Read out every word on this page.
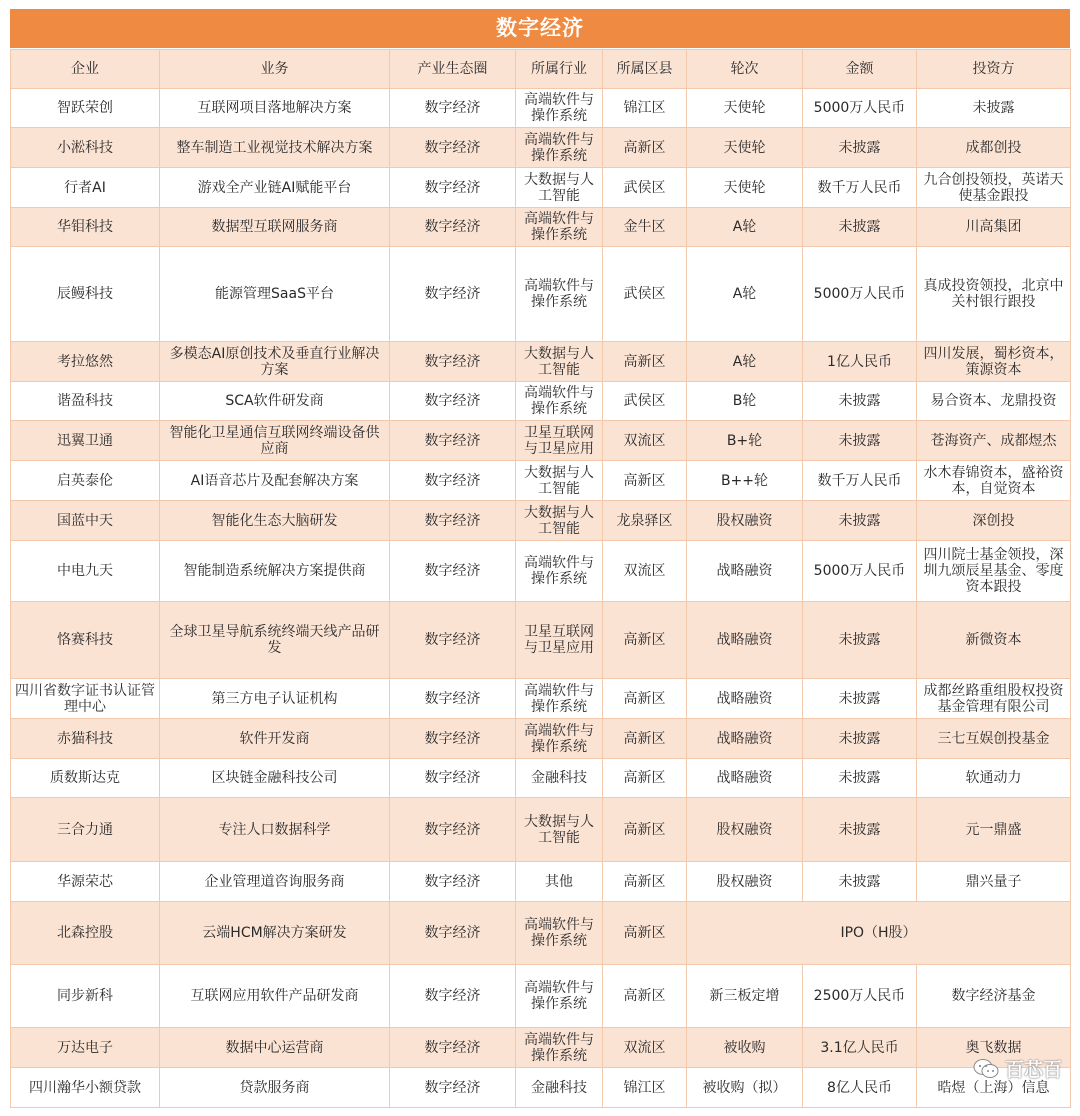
数字经济
企业	业务	产业生态圈	所属行业	所属区县	轮次	金额	投资方
智跃荣创	互联网项目落地解决方案	数字经济	高端软件与操作系统	锦江区	天使轮	5000万人民币	未披露
小淞科技	整车制造工业视觉技术解决方案	数字经济	高端软件与操作系统	高新区	天使轮	未披露	成都创投
行者AI	游戏全产业链AI赋能平台	数字经济	大数据与人工智能	武侯区	天使轮	数千万人民币	九合创投领投，英诺天使基金跟投
华钼科技	数据型互联网服务商	数字经济	高端软件与操作系统	金牛区	A轮	未披露	川高集团
辰鳗科技	能源管理SaaS平台	数字经济	高端软件与操作系统	武侯区	A轮	5000万人民币	真成投资领投，北京中关村银行跟投
考拉悠然	多模态AI原创技术及垂直行业解决方案	数字经济	大数据与人工智能	高新区	A轮	1亿人民币	四川发展，蜀杉资本，策源资本
谐盈科技	SCA软件研发商	数字经济	高端软件与操作系统	武侯区	B轮	未披露	易合资本、龙鼎投资
迅翼卫通	智能化卫星通信互联网终端设备供应商	数字经济	卫星互联网与卫星应用	双流区	B+轮	未披露	苍海资产、成都煜杰
启英泰伦	AI语音芯片及配套解决方案	数字经济	大数据与人工智能	高新区	B++轮	数千万人民币	水木春锦资本，盛裕资本，自觉资本
国蓝中天	智能化生态大脑研发	数字经济	大数据与人工智能	龙泉驿区	股权融资	未披露	深创投
中电九天	智能制造系统解决方案提供商	数字经济	高端软件与操作系统	双流区	战略融资	5000万人民币	四川院士基金领投，深圳九颂辰星基金、零度资本跟投
恪赛科技	全球卫星导航系统终端天线产品研发	数字经济	卫星互联网与卫星应用	高新区	战略融资	未披露	新微资本
四川省数字证书认证管理中心	第三方电子认证机构	数字经济	高端软件与操作系统	高新区	战略融资	未披露	成都丝路重组股权投资基金管理有限公司
赤猫科技	软件开发商	数字经济	高端软件与操作系统	高新区	战略融资	未披露	三七互娱创投基金
质数斯达克	区块链金融科技公司	数字经济	金融科技	高新区	战略融资	未披露	软通动力
三合力通	专注人口数据科学	数字经济	大数据与人工智能	高新区	股权融资	未披露	元一鼎盛
华源荣芯	企业管理道咨询服务商	数字经济	其他	高新区	股权融资	未披露	鼎兴量子
北森控股	云端HCM解决方案研发	数字经济	高端软件与操作系统	高新区	IPO（H股）		
同步新科	互联网应用软件产品研发商	数字经济	高端软件与操作系统	高新区	新三板定增	2500万人民币	数字经济基金
万达电子	数据中心运营商	数字经济	高端软件与操作系统	双流区	被收购	3.1亿人民币	奥飞数据
四川瀚华小额贷款	贷款服务商	数字经济	金融科技	锦江区	被收购（拟）	8亿人民币	晧煜（上海）信息
百芯百
